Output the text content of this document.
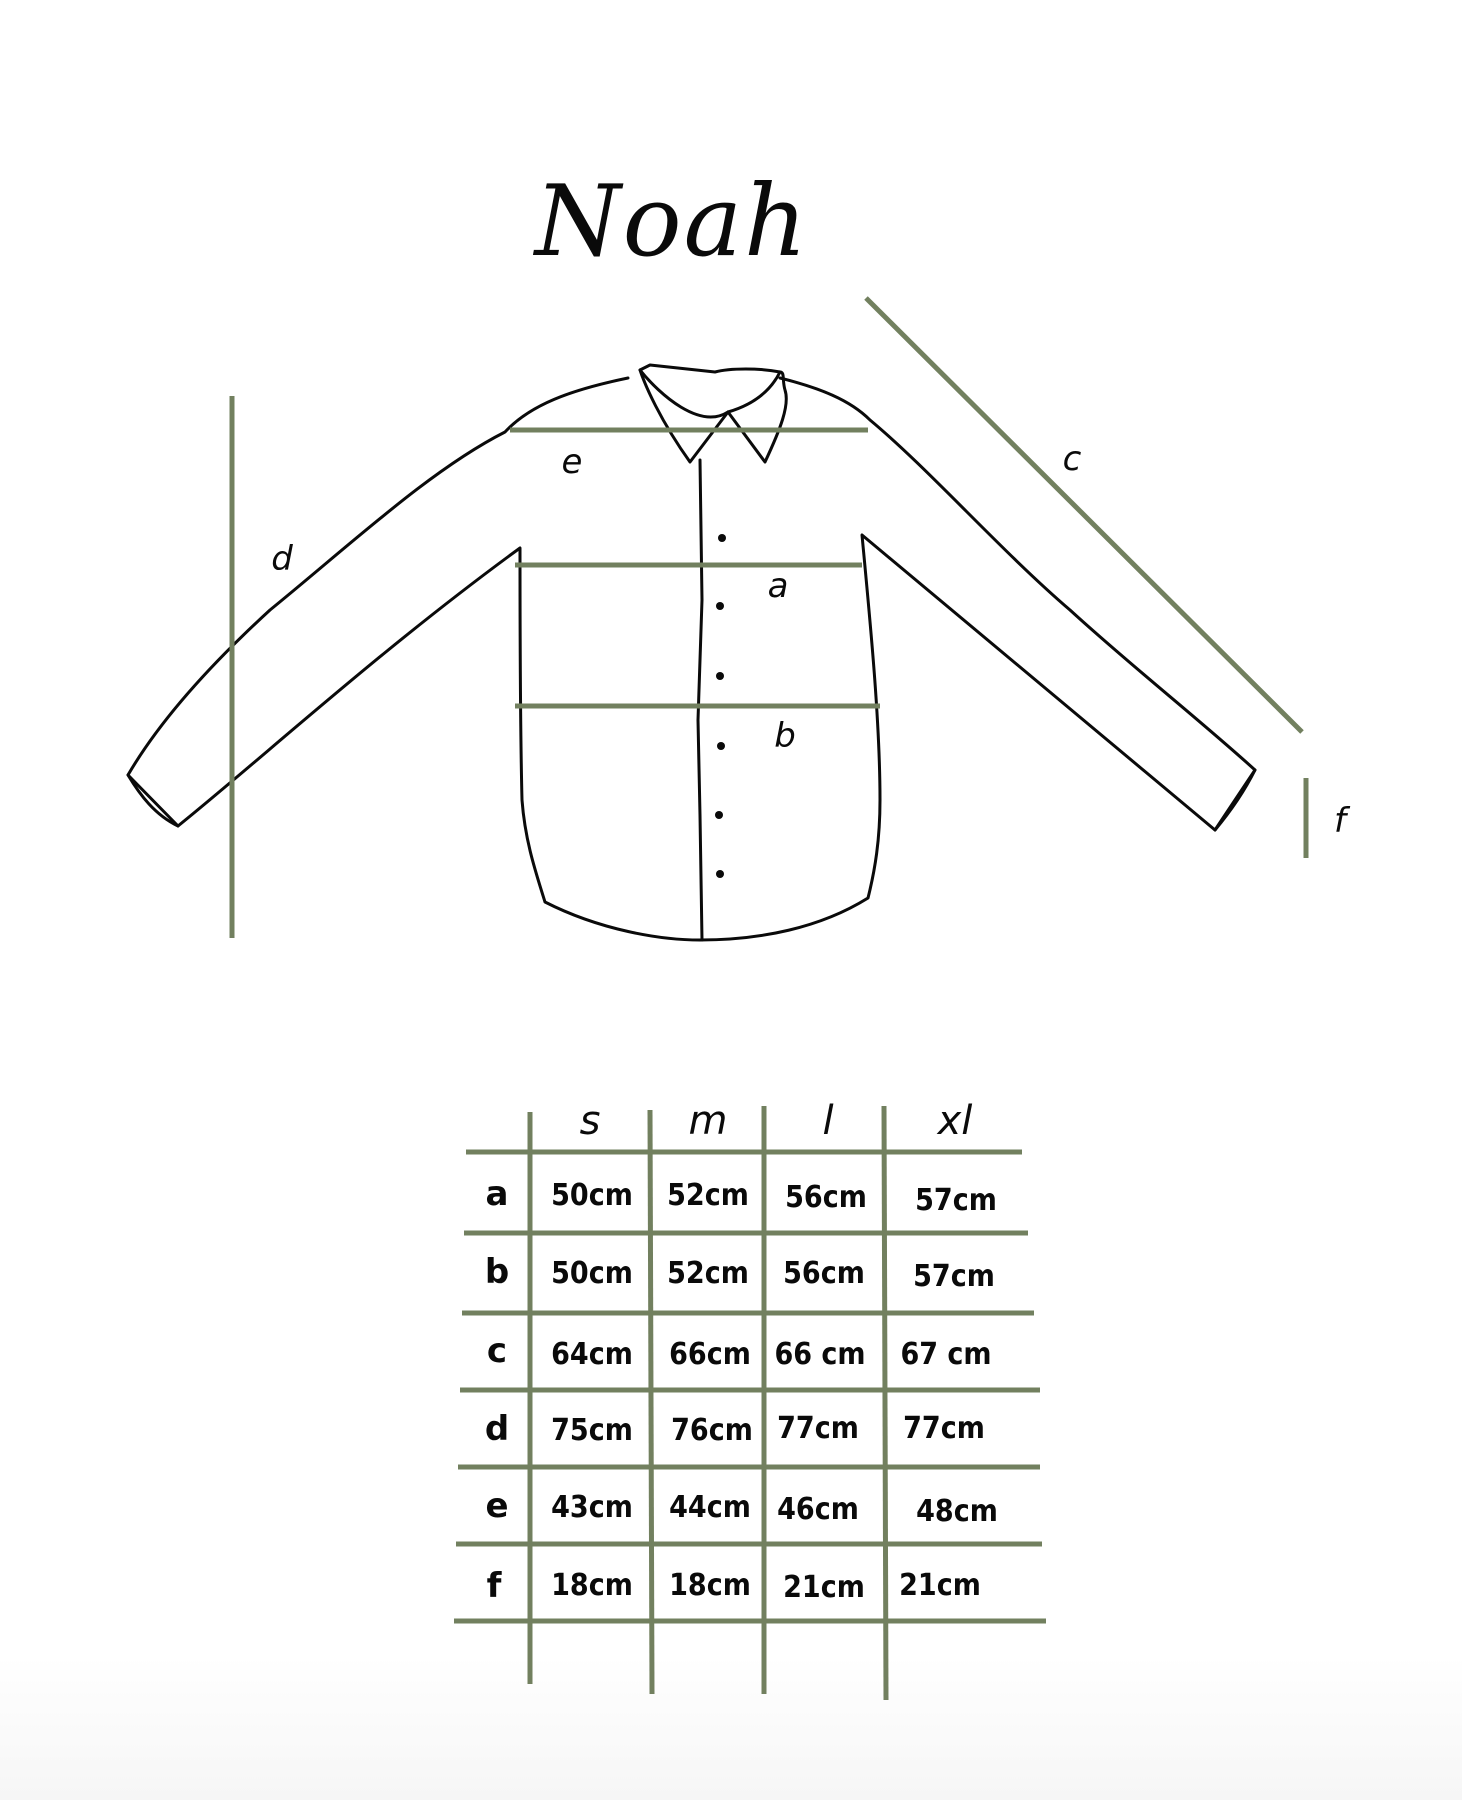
Noah
e
a
b
d
c
f
s m l	xl
a 50cm 52cm 56cm 57cm
b 50cm 52cm 56cm 57cm
c 64cm 66cm 66 cm 67 cm
d 75cm 76cm 77cm 77cm
e 43cm 44cm 46cm 48cm
f 18cm 18cm 21cm 21cm
